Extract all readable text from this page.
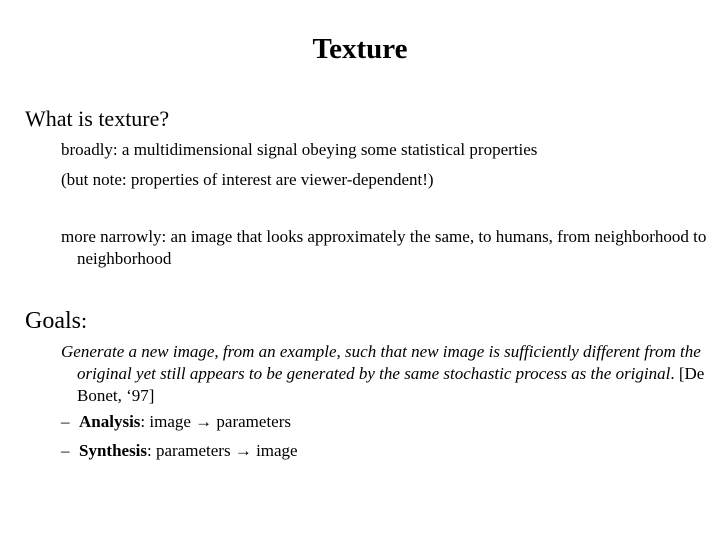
Texture
What is texture?
broadly: a multidimensional signal obeying some statistical properties
(but note: properties of interest are viewer-dependent!)
more narrowly: an image that looks approximately the same, to humans, from neighborhood to neighborhood
Goals:
Generate a new image, from an example, such that new image is sufficiently different from the original yet still appears to be generated by the same stochastic process as the original. [De Bonet, ‘97]
– Analysis: image → parameters
– Synthesis: parameters → image
